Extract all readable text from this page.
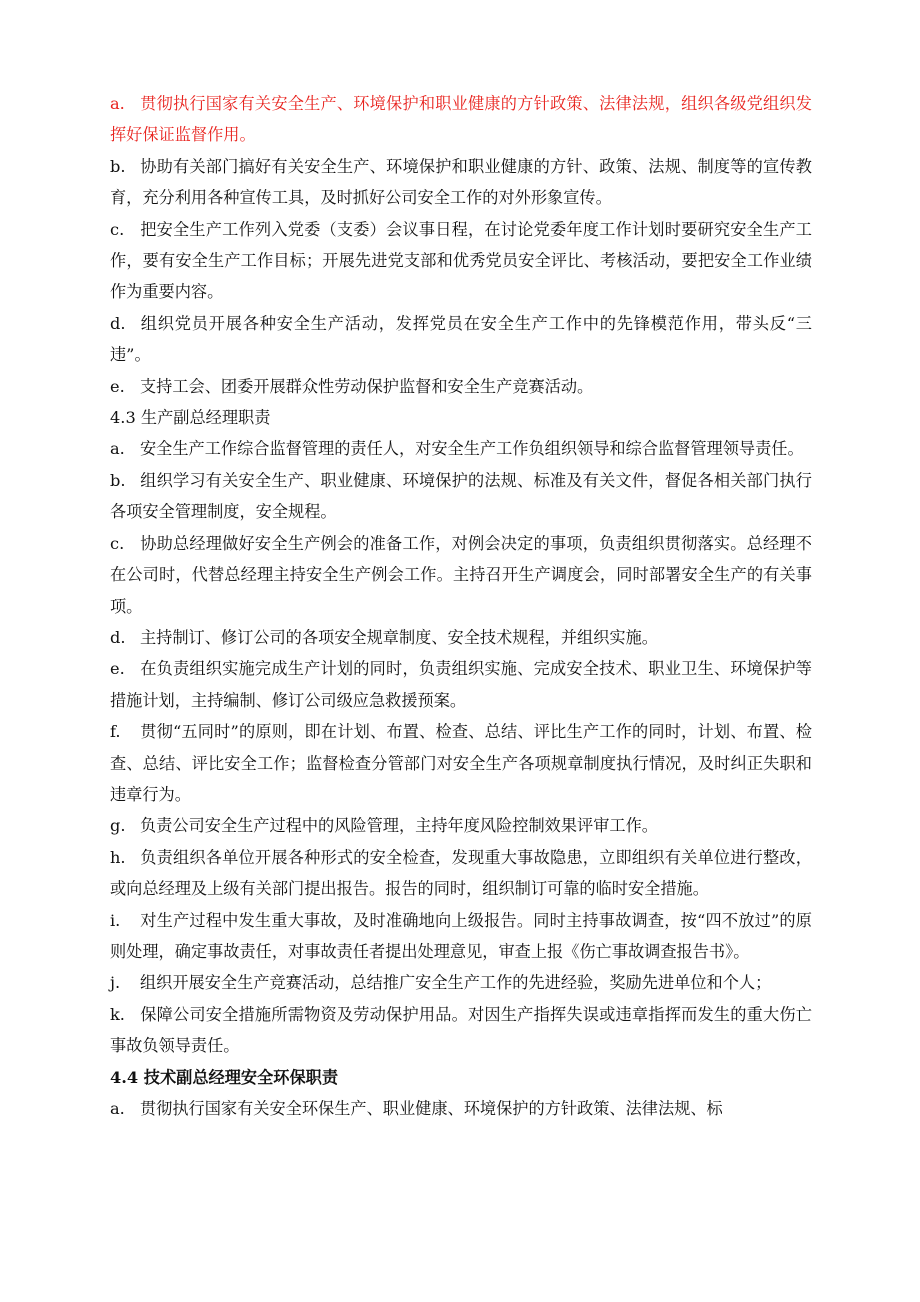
a. 贯彻执行国家有关安全生产、环境保护和职业健康的方针政策、法律法规，组织各级党组织发挥好保证监督作用。

b. 协助有关部门搞好有关安全生产、环境保护和职业健康的方针、政策、法规、制度等的宣传教育，充分利用各种宣传工具，及时抓好公司安全工作的对外形象宣传。

c. 把安全生产工作列入党委（支委）会议事日程，在讨论党委年度工作计划时要研究安全生产工作，要有安全生产工作目标；开展先进党支部和优秀党员安全评比、考核活动，要把安全工作业绩作为重要内容。

d. 组织党员开展各种安全生产活动，发挥党员在安全生产工作中的先锋模范作用，带头反“三违”。

e. 支持工会、团委开展群众性劳动保护监督和安全生产竞赛活动。

4.3 生产副总经理职责

a. 安全生产工作综合监督管理的责任人，对安全生产工作负组织领导和综合监督管理领导责任。

b. 组织学习有关安全生产、职业健康、环境保护的法规、标准及有关文件，督促各相关部门执行各项安全管理制度，安全规程。

c. 协助总经理做好安全生产例会的准备工作，对例会决定的事项，负责组织贯彻落实。总经理不在公司时，代替总经理主持安全生产例会工作。主持召开生产调度会，同时部署安全生产的有关事项。

d. 主持制订、修订公司的各项安全规章制度、安全技术规程，并组织实施。

e. 在负责组织实施完成生产计划的同时，负责组织实施、完成安全技术、职业卫生、环境保护等措施计划，主持编制、修订公司级应急救援预案。

f. 贯彻“五同时”的原则，即在计划、布置、检查、总结、评比生产工作的同时，计划、布置、检查、总结、评比安全工作；监督检查分管部门对安全生产各项规章制度执行情况，及时纠正失职和违章行为。

g. 负责公司安全生产过程中的风险管理，主持年度风险控制效果评审工作。

h. 负责组织各单位开展各种形式的安全检查，发现重大事故隐患，立即组织有关单位进行整改，或向总经理及上级有关部门提出报告。报告的同时，组织制订可靠的临时安全措施。

i. 对生产过程中发生重大事故，及时准确地向上级报告。同时主持事故调查，按“四不放过”的原则处理，确定事故责任，对事故责任者提出处理意见，审查上报《伤亡事故调查报告书》。

j. 组织开展安全生产竞赛活动，总结推广安全生产工作的先进经验，奖励先进单位和个人；

k. 保障公司安全措施所需物资及劳动保护用品。对因生产指挥失误或违章指挥而发生的重大伤亡事故负领导责任。

4.4 技术副总经理安全环保职责

a. 贯彻执行国家有关安全环保生产、职业健康、环境保护的方针政策、法律法规、标
